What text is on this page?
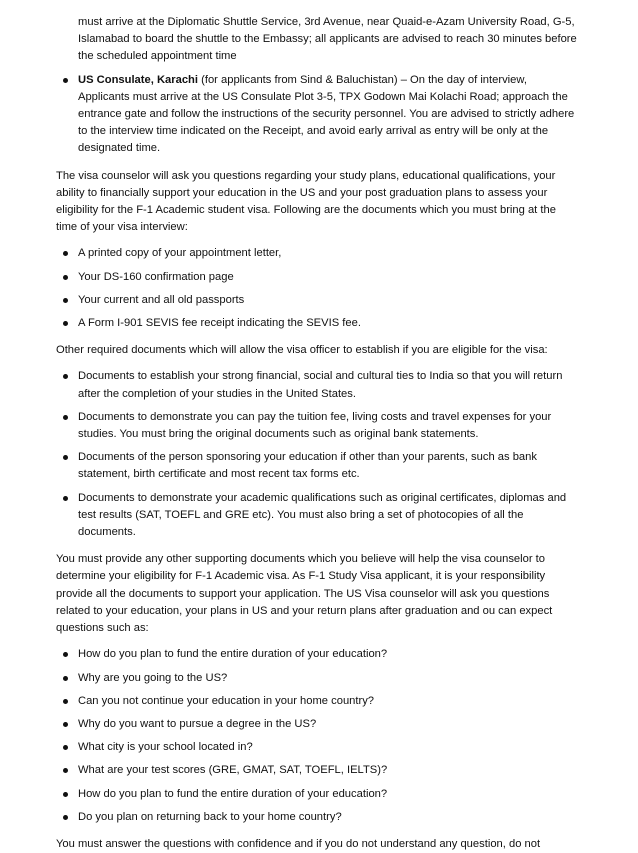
must arrive at the Diplomatic Shuttle Service, 3rd Avenue, near Quaid-e-Azam University Road, G-5, Islamabad to board the shuttle to the Embassy; all applicants are advised to reach 30 minutes before the scheduled appointment time

US Consulate, Karachi (for applicants from Sind & Baluchistan) – On the day of interview, Applicants must arrive at the US Consulate Plot 3-5, TPX Godown Mai Kolachi Road; approach the entrance gate and follow the instructions of the security personnel. You are advised to strictly adhere to the interview time indicated on the Receipt, and avoid early arrival as entry will be only at the designated time.

The visa counselor will ask you questions regarding your study plans, educational qualifications, your ability to financially support your education in the US and your post graduation plans to assess your eligibility for the F-1 Academic student visa. Following are the documents which you must bring at the time of your visa interview:

A printed copy of your appointment letter,
Your DS-160 confirmation page
Your current and all old passports
A Form I-901 SEVIS fee receipt indicating the SEVIS fee.

Other required documents which will allow the visa officer to establish if you are eligible for the visa:

Documents to establish your strong financial, social and cultural ties to India so that you will return after the completion of your studies in the United States.
Documents to demonstrate you can pay the tuition fee, living costs and travel expenses for your studies. You must bring the original documents such as original bank statements.
Documents of the person sponsoring your education if other than your parents, such as bank statement, birth certificate and most recent tax forms etc.
Documents to demonstrate your academic qualifications such as original certificates, diplomas and test results (SAT, TOEFL and GRE etc). You must also bring a set of photocopies of all the documents.

You must provide any other supporting documents which you believe will help the visa counselor to determine your eligibility for F-1 Academic visa. As F-1 Study Visa applicant, it is your responsibility provide all the documents to support your application. The US Visa counselor will ask you questions related to your education, your plans in US and your return plans after graduation and ou can expect questions such as:

How do you plan to fund the entire duration of your education?
Why are you going to the US?
Can you not continue your education in your home country?
Why do you want to pursue a degree in the US?
What city is your school located in?
What are your test scores (GRE, GMAT, SAT, TOEFL, IELTS)?
How do you plan to fund the entire duration of your education?
Do you plan on returning back to your home country?

You must answer the questions with confidence and if you do not understand any question, do not
